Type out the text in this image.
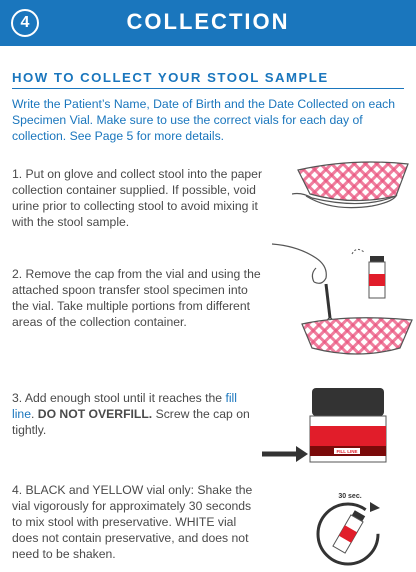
4	COLLECTION
HOW TO COLLECT YOUR STOOL SAMPLE
Write the Patient’s Name, Date of Birth and the Date Collected on each Specimen Vial. Make sure to use the correct vials for each day of collection. See Page 5 for more details.
1. Put on glove and collect stool into the paper collection container supplied. If possible, void urine prior to collecting stool to avoid mixing it with the stool sample.
2. Remove the cap from the vial and using the attached spoon transfer stool specimen into the vial. Take multiple portions from different areas of the collection container.
3. Add enough stool until it reaches the fill line. DO NOT OVERFILL. Screw the cap on tightly.
FILL LINE
4. BLACK and YELLOW vial only: Shake the vial vigorously for approximately 30 seconds to mix stool with preservative. WHITE vial does not contain preservative, and does not need to be shaken.
30 sec.
